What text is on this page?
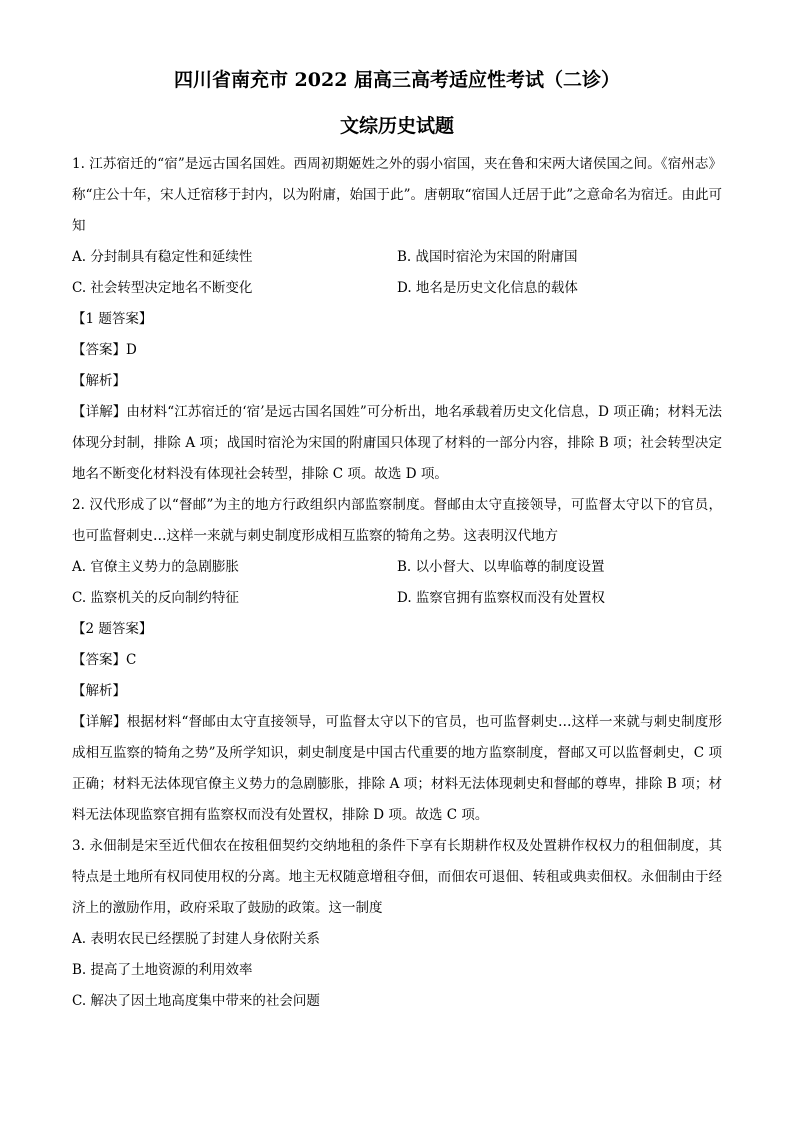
四川省南充市 2022 届高三高考适应性考试（二诊）
文综历史试题

1. 江苏宿迁的“宿”是远古国名国姓。西周初期姬姓之外的弱小宿国，夹在鲁和宋两大诸侯国之间。《宿州志》称“庄公十年，宋人迁宿移于封内，以为附庸，始国于此”。唐朝取“宿国人迁居于此”之意命名为宿迁。由此可知

A. 分封制具有稳定性和延续性	B. 战国时宿沦为宋国的附庸国
C. 社会转型决定地名不断变化	D. 地名是历史文化信息的载体

【1 题答案】

【答案】D

【解析】

【详解】由材料“江苏宿迁的‘宿’是远古国名国姓”可分析出，地名承载着历史文化信息，D 项正确；材料无法体现分封制，排除 A 项；战国时宿沦为宋国的附庸国只体现了材料的一部分内容，排除 B 项；社会转型决定地名不断变化材料没有体现社会转型，排除 C 项。故选 D 项。

2. 汉代形成了以“督邮”为主的地方行政组织内部监察制度。督邮由太守直接领导，可监督太守以下的官员，也可监督刺史…这样一来就与刺史制度形成相互监察的犄角之势。这表明汉代地方

A. 官僚主义势力的急剧膨胀	B. 以小督大、以卑临尊的制度设置
C. 监察机关的反向制约特征	D. 监察官拥有监察权而没有处置权

【2 题答案】

【答案】C

【解析】

【详解】根据材料“督邮由太守直接领导，可监督太守以下的官员，也可监督刺史…这样一来就与刺史制度形成相互监察的犄角之势”及所学知识，刺史制度是中国古代重要的地方监察制度，督邮又可以监督刺史，C 项正确；材料无法体现官僚主义势力的急剧膨胀，排除 A 项；材料无法体现刺史和督邮的尊卑，排除 B 项；材料无法体现监察官拥有监察权而没有处置权，排除 D 项。故选 C 项。

3. 永佃制是宋至近代佃农在按租佃契约交纳地租的条件下享有长期耕作权及处置耕作权权力的租佃制度，其特点是土地所有权同使用权的分离。地主无权随意增租夺佃，而佃农可退佃、转租或典卖佃权。永佃制由于经济上的激励作用，政府采取了鼓励的政策。这一制度

A. 表明农民已经摆脱了封建人身依附关系
B. 提高了土地资源的利用效率
C. 解决了因土地高度集中带来的社会问题
